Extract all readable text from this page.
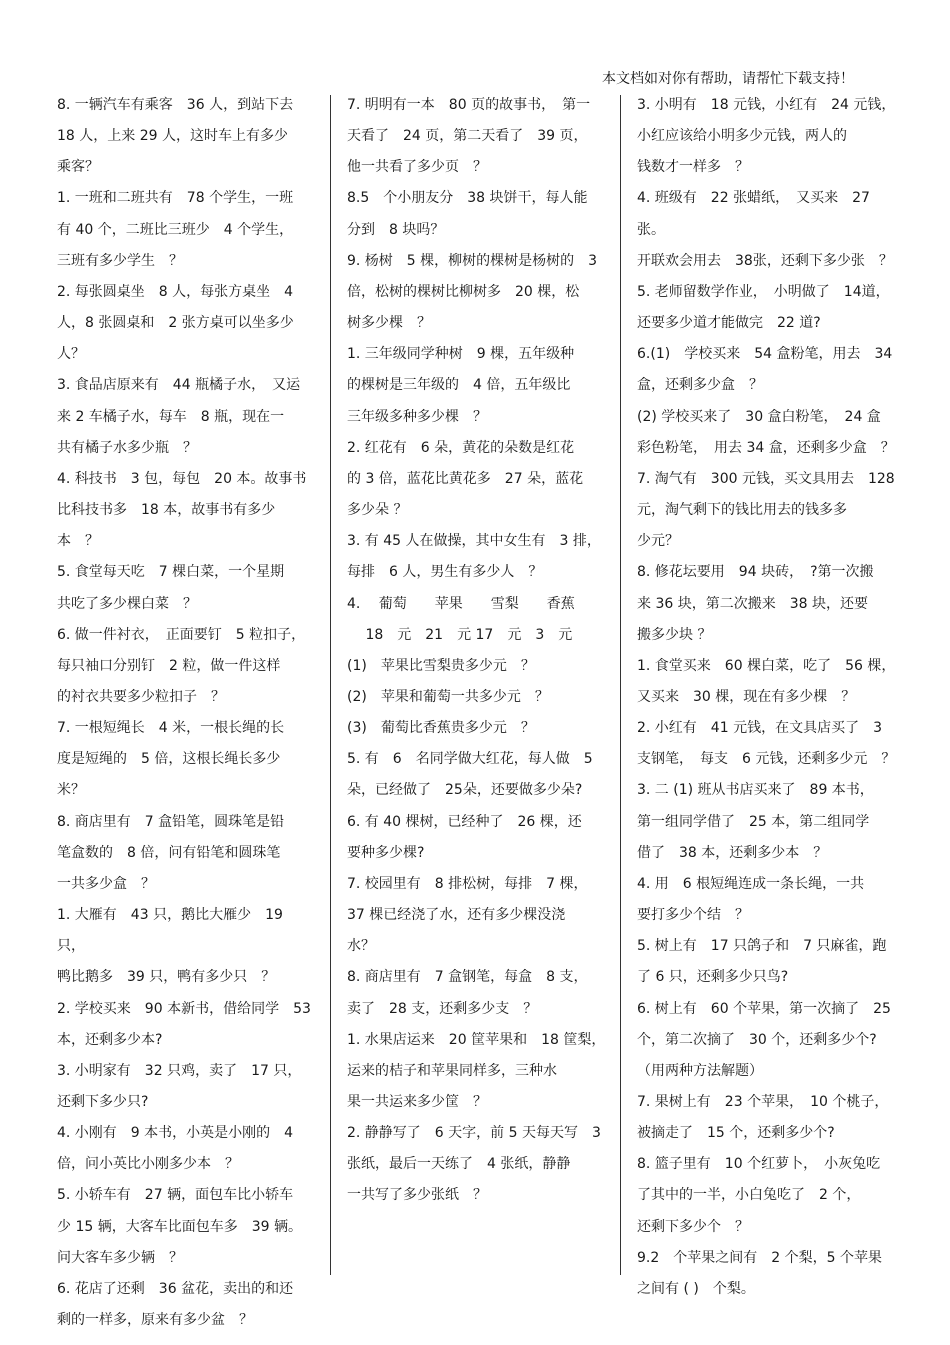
本文档如对你有帮助，请帮忙下载支持！

8. 一辆汽车有乘客　36 人，到站下去

18 人，上来 29 人，这时车上有多少

乘客？

1. 一班和二班共有　78 个学生，一班

有 40 个，二班比三班少　4 个学生，

三班有多少学生　？

2. 每张圆桌坐　8 人，每张方桌坐　4

人，8 张圆桌和　2 张方桌可以坐多少

人？

3. 食品店原来有　44 瓶橘子水，　又运

来 2 车橘子水，每车　8 瓶，现在一

共有橘子水多少瓶　？

4. 科技书　3 包，每包　20 本。故事书

比科技书多　18 本，故事书有多少本　？

5. 食堂每天吃　7 棵白菜，一个星期

共吃了多少棵白菜　？

6. 做一件衬衣，　正面要钉　5 粒扣子，

每只袖口分别钉　2 粒，做一件这样

的衬衣共要多少粒扣子　？

7. 一根短绳长　4 米，一根长绳的长

度是短绳的　5 倍，这根长绳长多少

米？

8. 商店里有　7 盒铅笔，圆珠笔是铅

笔盒数的　8 倍，问有铅笔和圆珠笔

一共多少盒　？

1. 大雁有　43 只，鹅比大雁少　19 只，

鸭比鹅多　39 只，鸭有多少只　？

2. 学校买来　90 本新书，借给同学　53

本，还剩多少本?

3. 小明家有　32 只鸡，卖了　17 只，

还剩下多少只?

4. 小刚有　9 本书，小英是小刚的　4

倍，问小英比小刚多少本　？

5. 小轿车有　27 辆，面包车比小轿车

少 15 辆，大客车比面包车多　39 辆。

问大客车多少辆　？

6. 花店了还剩　36 盆花，卖出的和还

剩的一样多，原来有多少盆　？

7. 明明有一本　80 页的故事书，　第一

天看了　24 页，第二天看了　39 页，

他一共看了多少页　？

8.5　个小朋友分　38 块饼干，每人能

分到　8 块吗？

9. 杨树　5 棵，柳树的棵树是杨树的　3

倍，松树的棵树比柳树多　20 棵，松

树多少棵　？

1. 三年级同学种树　9 棵，五年级种

的棵树是三年级的　4 倍，五年级比

三年级多种多少棵　？

2. 红花有　6 朵，黄花的朵数是红花

的 3 倍，蓝花比黄花多　27 朵，蓝花

多少朵 ？

3. 有 45 人在做操，其中女生有　3 排，

每排　6 人，男生有多少人　？

4.　 葡萄　　苹果　　雪梨　　香蕉

　 18　元　21　元 17　元　3　元

(1)　苹果比雪梨贵多少元　？

(2)　苹果和葡萄一共多少元　？

(3)　葡萄比香蕉贵多少元　？

5. 有　6　名同学做大红花，每人做　5

朵，已经做了　25朵，还要做多少朵?

6. 有 40 棵树，已经种了　26 棵，还

要种多少棵?

7. 校园里有　8 排松树，每排　7 棵，

37 棵已经浇了水，还有多少棵没浇

水？

8. 商店里有　7 盒钢笔，每盒　8 支，

卖了　28 支，还剩多少支　？

1. 水果店运来　20 筐苹果和　18 筐梨，

运来的桔子和苹果同样多，三种水

果一共运来多少筐　？

2. 静静写了　6 天字，前 5 天每天写　3

张纸，最后一天练了　4 张纸，静静

一共写了多少张纸　？

3. 小明有　18 元钱，小红有　24 元钱，

小红应该给小明多少元钱，两人的

钱数才一样多　？

4. 班级有　22 张蜡纸，　又买来　27 张。

开联欢会用去　38张，还剩下多少张　？

5. 老师留数学作业，　小明做了　14道，

还要多少道才能做完　22 道?

6.(1)　学校买来　54 盒粉笔，用去　34

盒，还剩多少盒　？

(2) 学校买来了　30 盒白粉笔，　24 盒

彩色粉笔，　用去 34 盒，还剩多少盒　？

7. 淘气有　300 元钱，买文具用去　128

元，淘气剩下的钱比用去的钱多多

少元？

8. 修花坛要用　94 块砖，　?第一次搬

来 36 块，第二次搬来　38 块，还要

搬多少块 ？

1. 食堂买来　60 棵白菜，吃了　56 棵，

又买来　30 棵，现在有多少棵　？

2. 小红有　41 元钱，在文具店买了　3

支钢笔，　每支　6 元钱，还剩多少元　？

3. 二 (1) 班从书店买来了　89 本书，

第一组同学借了　25 本，第二组同学

借了　38 本，还剩多少本　？

4. 用　6 根短绳连成一条长绳，一共

要打多少个结　？

5. 树上有　17 只鸽子和　7 只麻雀，跑

了 6 只，还剩多少只鸟?

6. 树上有　60 个苹果，第一次摘了　25

个，第二次摘了　30 个，还剩多少个?

（用两种方法解题）

7. 果树上有　23 个苹果，　10 个桃子，

被摘走了　15 个，还剩多少个?

8. 篮子里有　10 个红萝卜，　小灰兔吃

了其中的一半，小白兔吃了　2 个，

还剩下多少个　？

9.2　个苹果之间有　2 个梨，5 个苹果

之间有 ( )　个梨。
